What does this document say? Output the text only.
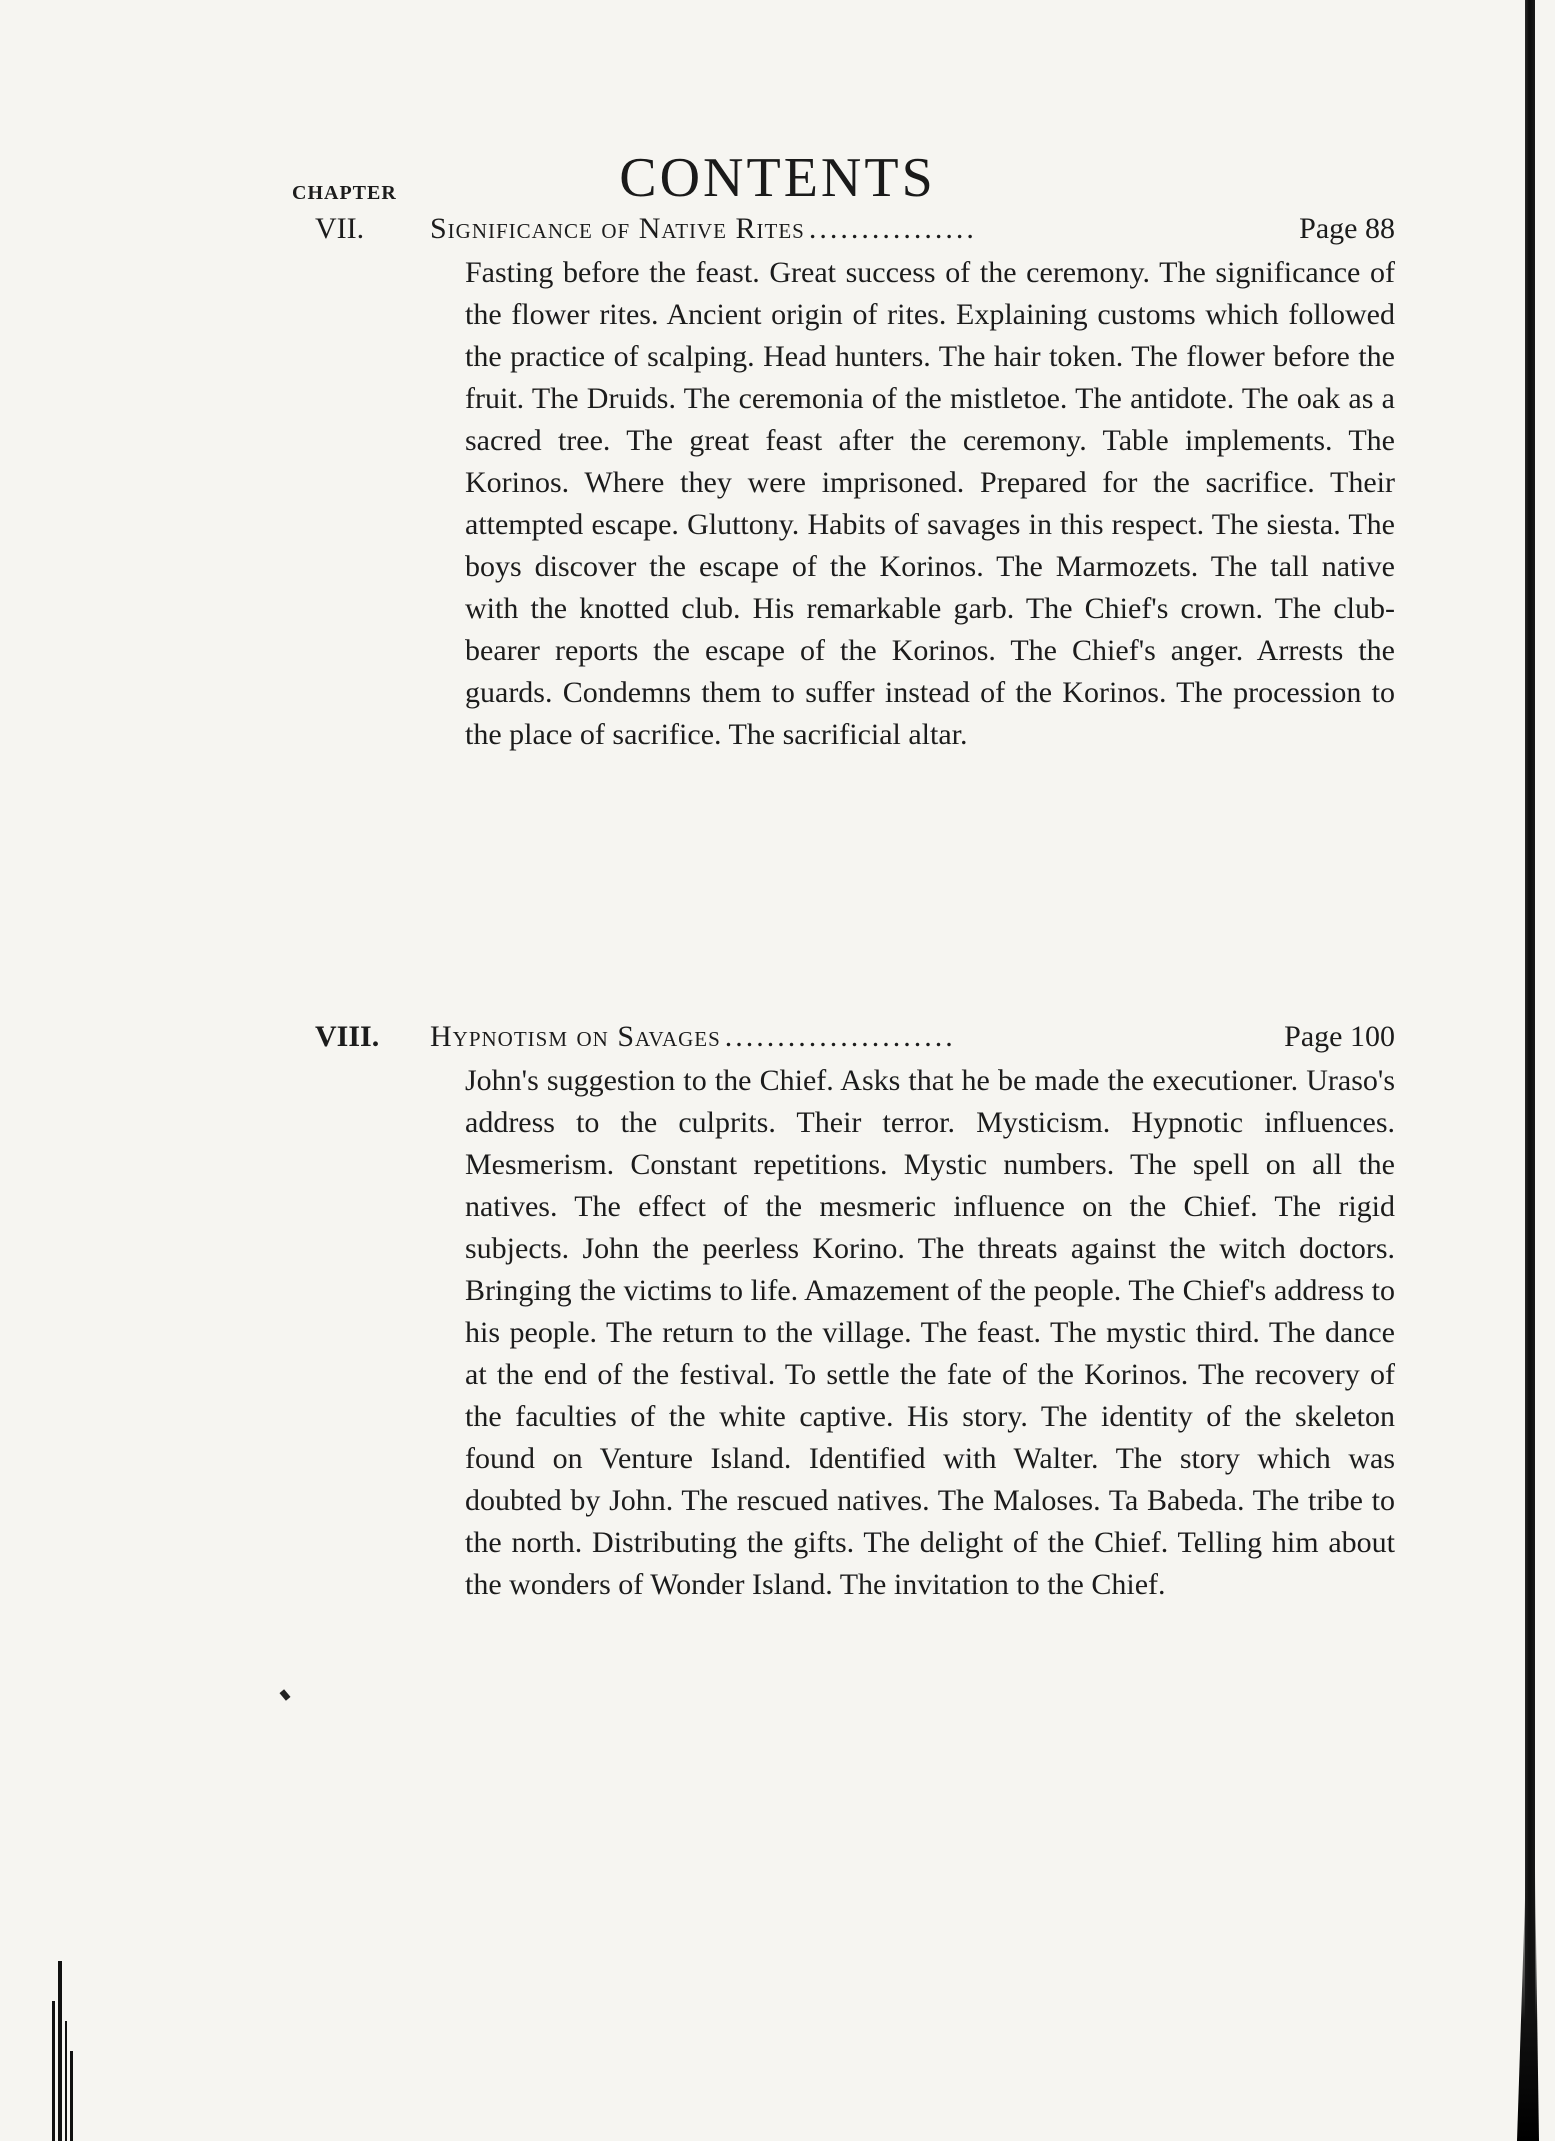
CONTENTS
CHAPTER
VII. Significance of Native Rites ................	Page 88

Fasting before the feast. Great success of the ceremony. The significance of the flower rites. Ancient origin of rites. Explaining customs which followed the practice of scalping. Head hunters. The hair token. The flower before the fruit. The Druids. The ceremonia of the mistletoe. The antidote. The oak as a sacred tree. The great feast after the ceremony. Table implements. The Korinos. Where they were imprisoned. Prepared for the sacrifice. Their attempted escape. Gluttony. Habits of savages in this respect. The siesta. The boys discover the escape of the Korinos. The Marmozets. The tall native with the knotted club. His remarkable garb. The Chief's crown. The club-bearer reports the escape of the Korinos. The Chief's anger. Arrests the guards. Condemns them to suffer instead of the Korinos. The procession to the place of sacrifice. The sacrificial altar.

VIII. Hypnotism on Savages ......................	Page 100

John's suggestion to the Chief. Asks that he be made the executioner. Uraso's address to the culprits. Their terror. Mysticism. Hypnotic influences. Mesmerism. Constant repetitions. Mystic numbers. The spell on all the natives. The effect of the mesmeric influence on the Chief. The rigid subjects. John the peerless Korino. The threats against the witch doctors. Bringing the victims to life. Amazement of the people. The Chief's address to his people. The return to the village. The feast. The mystic third. The dance at the end of the festival. To settle the fate of the Korinos. The recovery of the faculties of the white captive. His story. The identity of the skeleton found on Venture Island. Identified with Walter. The story which was doubted by John. The rescued natives. The Maloses. Ta Babeda. The tribe to the north. Distributing the gifts. The delight of the Chief. Telling him about the wonders of Wonder Island. The invitation to the Chief.
